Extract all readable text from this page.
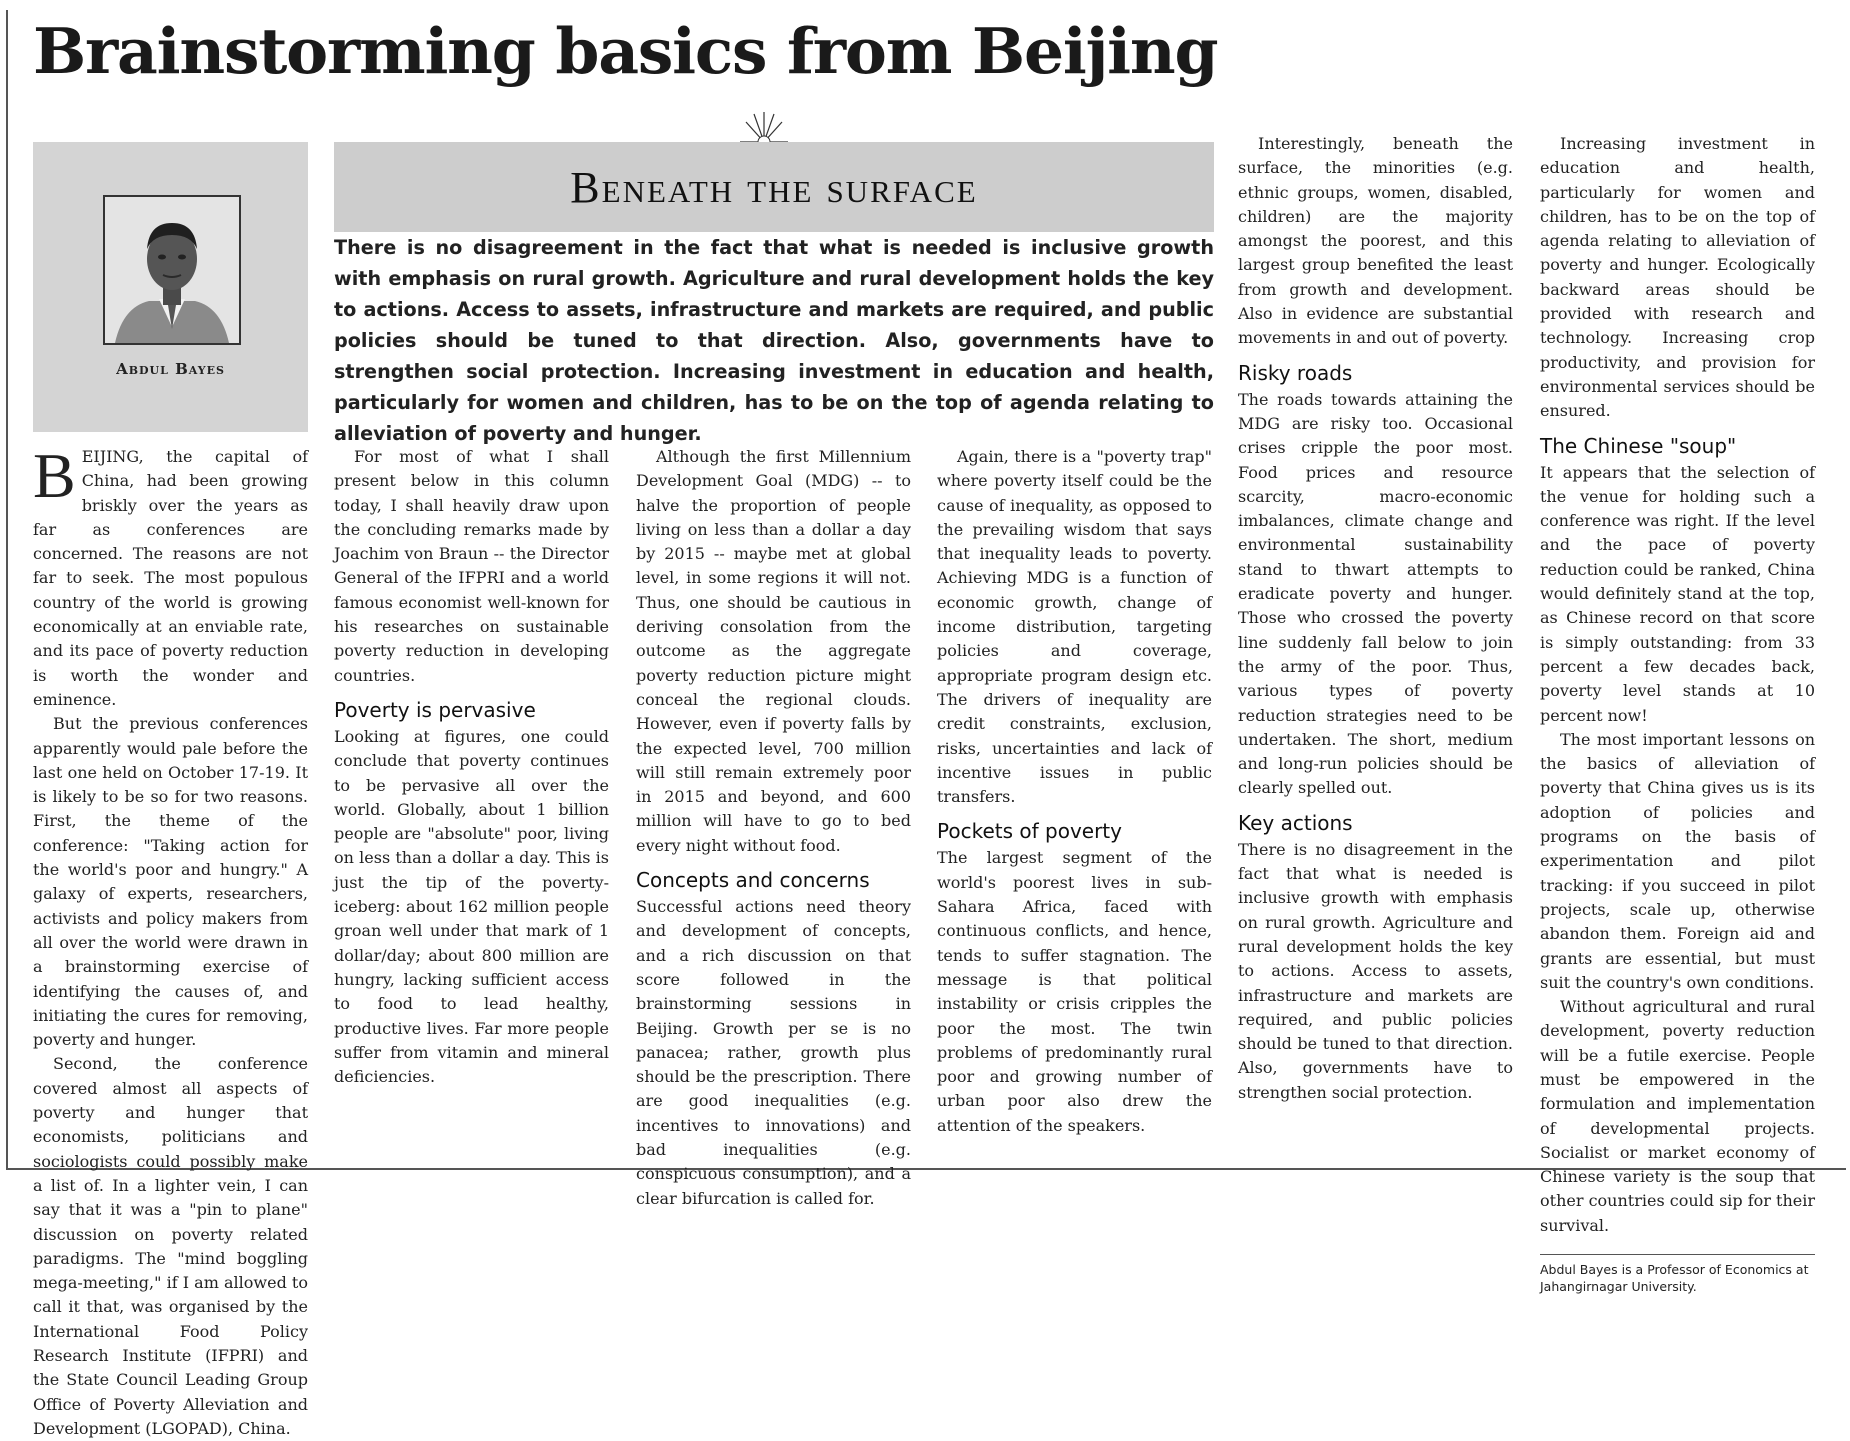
Brainstorming basics from Beijing
Abdul Bayes
Beneath the surface

There is no disagreement in the fact that what is needed is inclusive growth with emphasis on rural growth. Agriculture and rural development holds the key to actions. Access to assets, infrastructure and markets are required, and public policies should be tuned to that direction. Also, governments have to strengthen social protection. Increasing investment in education and health, particularly for women and children, has to be on the top of agenda relating to alleviation of poverty and hunger.

BEIJING, the capital of China, had been growing briskly over the years as far as conferences are concerned. The reasons are not far to seek. The most populous country of the world is growing economically at an enviable rate, and its pace of poverty reduction is worth the wonder and eminence.

But the previous conferences apparently would pale before the last one held on October 17-19. It is likely to be so for two reasons. First, the theme of the conference: "Taking action for the world's poor and hungry." A galaxy of experts, researchers, activists and policy makers from all over the world were drawn in a brainstorming exercise of identifying the causes of, and initiating the cures for removing, poverty and hunger.

Second, the conference covered almost all aspects of poverty and hunger that economists, politicians and sociologists could possibly make a list of. In a lighter vein, I can say that it was a "pin to plane" discussion on poverty related paradigms. The "mind boggling mega-meeting," if I am allowed to call it that, was organised by the International Food Policy Research Institute (IFPRI) and the State Council Leading Group Office of Poverty Alleviation and Development (LGOPAD), China.

For most of what I shall present below in this column today, I shall heavily draw upon the concluding remarks made by Joachim von Braun -- the Director General of the IFPRI and a world famous economist well-known for his researches on sustainable poverty reduction in developing countries.

Poverty is pervasive

Looking at figures, one could conclude that poverty continues to be pervasive all over the world. Globally, about 1 billion people are "absolute" poor, living on less than a dollar a day. This is just the tip of the poverty-iceberg: about 162 million people groan well under that mark of 1 dollar/day; about 800 million are hungry, lacking sufficient access to food to lead healthy, productive lives. Far more people suffer from vitamin and mineral deficiencies.

Although the first Millennium Development Goal (MDG) -- to halve the proportion of people living on less than a dollar a day by 2015 -- maybe met at global level, in some regions it will not. Thus, one should be cautious in deriving consolation from the outcome as the aggregate poverty reduction picture might conceal the regional clouds. However, even if poverty falls by the expected level, 700 million will still remain extremely poor in 2015 and beyond, and 600 million will have to go to bed every night without food.

Concepts and concerns

Successful actions need theory and development of concepts, and a rich discussion on that score followed in the brainstorming sessions in Beijing. Growth per se is no panacea; rather, growth plus should be the prescription. There are good inequalities (e.g. incentives to innovations) and bad inequalities (e.g. conspicuous consumption), and a clear bifurcation is called for.

Again, there is a "poverty trap" where poverty itself could be the cause of inequality, as opposed to the prevailing wisdom that says that inequality leads to poverty. Achieving MDG is a function of economic growth, change of income distribution, targeting policies and coverage, appropriate program design etc. The drivers of inequality are credit constraints, exclusion, risks, uncertainties and lack of incentive issues in public transfers.

Pockets of poverty

The largest segment of the world's poorest lives in sub-Sahara Africa, faced with continuous conflicts, and hence, tends to suffer stagnation. The message is that political instability or crisis cripples the poor the most. The twin problems of predominantly rural poor and growing number of urban poor also drew the attention of the speakers.

Interestingly, beneath the surface, the minorities (e.g. ethnic groups, women, disabled, children) are the majority amongst the poorest, and this largest group benefited the least from growth and development. Also in evidence are substantial movements in and out of poverty.

Risky roads

The roads towards attaining the MDG are risky too. Occasional crises cripple the poor most. Food prices and resource scarcity, macro-economic imbalances, climate change and environmental sustainability stand to thwart attempts to eradicate poverty and hunger. Those who crossed the poverty line suddenly fall below to join the army of the poor. Thus, various types of poverty reduction strategies need to be undertaken. The short, medium and long-run policies should be clearly spelled out.

Key actions

There is no disagreement in the fact that what is needed is inclusive growth with emphasis on rural growth. Agriculture and rural development holds the key to actions. Access to assets, infrastructure and markets are required, and public policies should be tuned to that direction. Also, governments have to strengthen social protection.

Increasing investment in education and health, particularly for women and children, has to be on the top of agenda relating to alleviation of poverty and hunger. Ecologically backward areas should be provided with research and technology. Increasing crop productivity, and provision for environmental services should be ensured.

The Chinese "soup"

It appears that the selection of the venue for holding such a conference was right. If the level and the pace of poverty reduction could be ranked, China would definitely stand at the top, as Chinese record on that score is simply outstanding: from 33 percent a few decades back, poverty level stands at 10 percent now!

The most important lessons on the basics of alleviation of poverty that China gives us is its adoption of policies and programs on the basis of experimentation and pilot tracking: if you succeed in pilot projects, scale up, otherwise abandon them. Foreign aid and grants are essential, but must suit the country's own conditions.

Without agricultural and rural development, poverty reduction will be a futile exercise. People must be empowered in the formulation and implementation of developmental projects. Socialist or market economy of Chinese variety is the soup that other countries could sip for their survival.

Abdul Bayes is a Professor of Economics at Jahangirnagar University.
